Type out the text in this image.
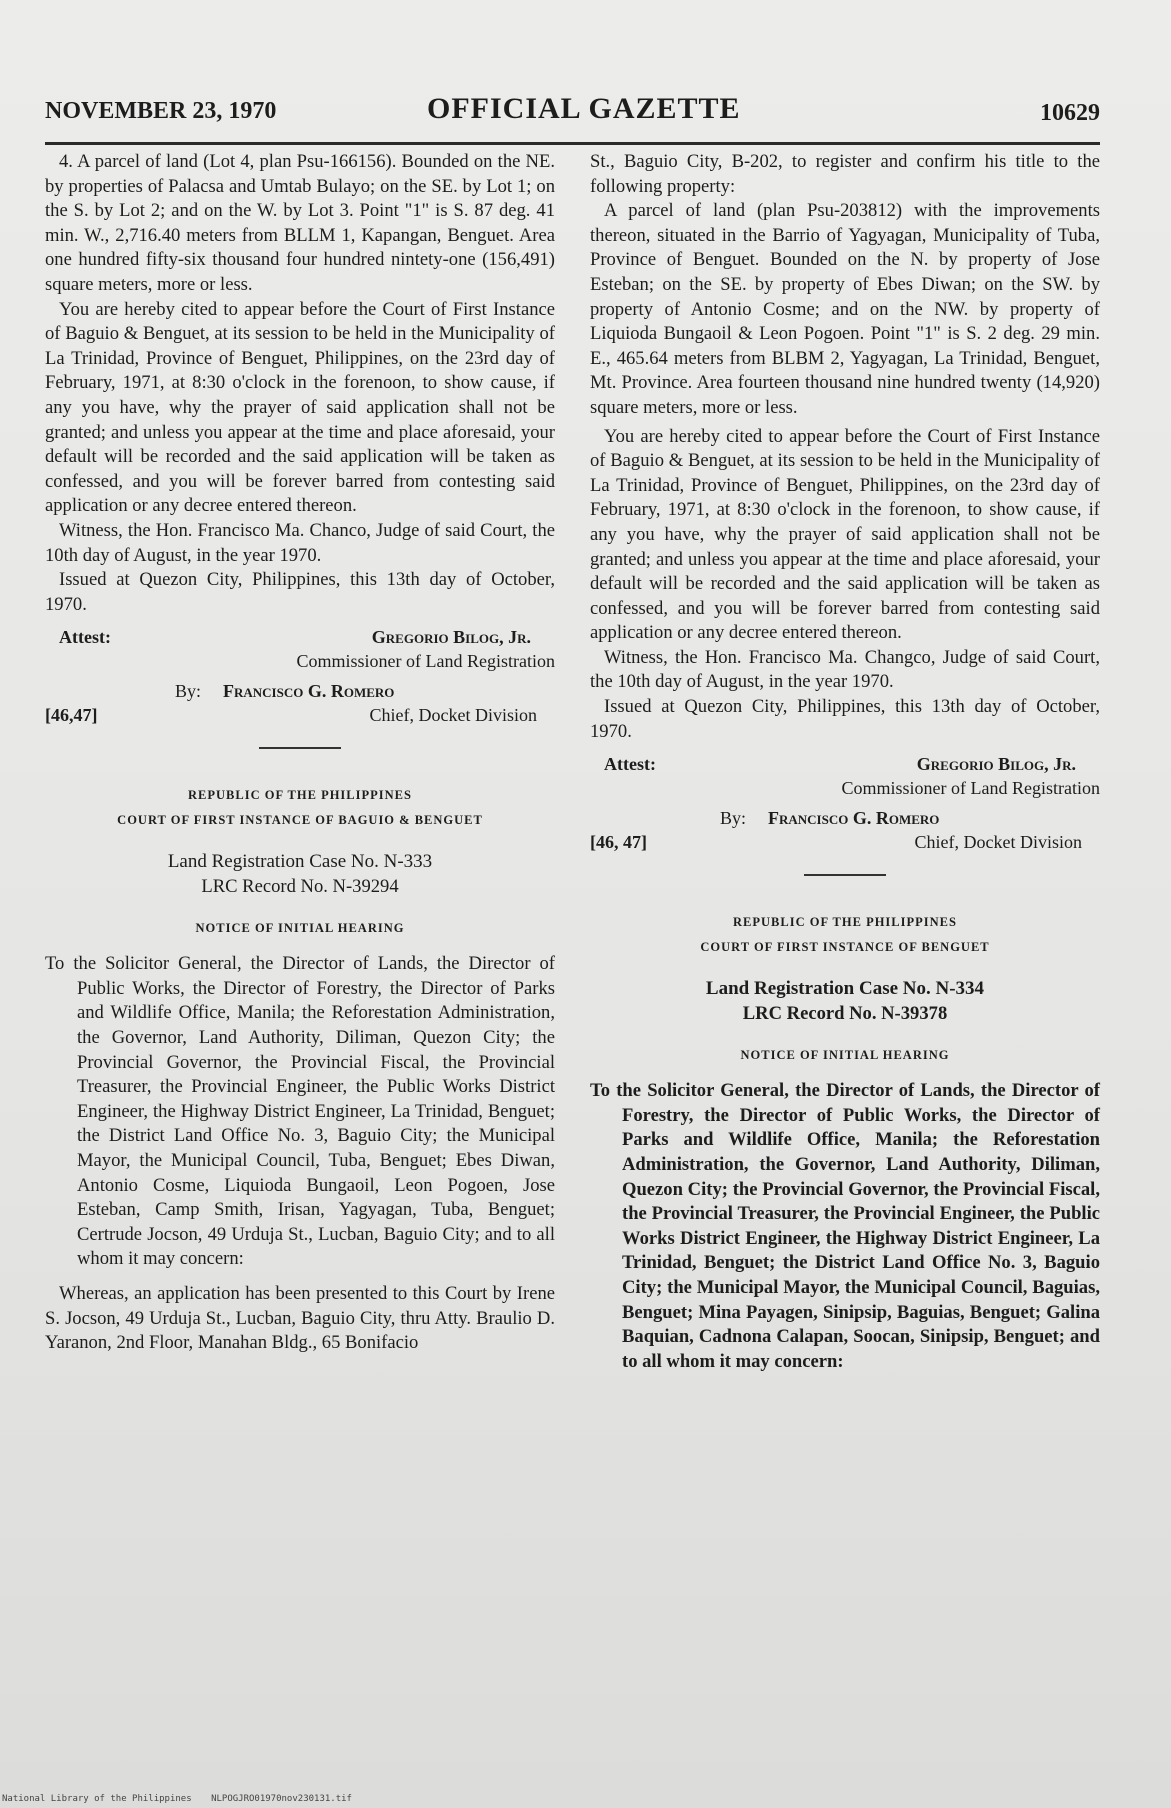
NOVEMBER 23, 1970	OFFICIAL GAZETTE	10629

4. A parcel of land (Lot 4, plan Psu-166156). Bounded on the NE. by properties of Palacsa and Umtab Bulayo; on the SE. by Lot 1; on the S. by Lot 2; and on the W. by Lot 3. Point "1" is S. 87 deg. 41 min. W., 2,716.40 meters from BLLM 1, Kapangan, Benguet. Area one hundred fifty-six thousand four hundred nintety-one (156,491) square meters, more or less.

You are hereby cited to appear before the Court of First Instance of Baguio & Benguet, at its session to be held in the Municipality of La Trinidad, Province of Benguet, Philippines, on the 23rd day of February, 1971, at 8:30 o'clock in the forenoon, to show cause, if any you have, why the prayer of said application shall not be granted; and unless you appear at the time and place aforesaid, your default will be recorded and the said application will be taken as confessed, and you will be forever barred from contesting said application or any decree entered thereon.

Witness, the Hon. Francisco Ma. Chanco, Judge of said Court, the 10th day of August, in the year 1970.

Issued at Quezon City, Philippines, this 13th day of October, 1970.

Attest:	Gregorio Bilog, Jr.
Commissioner of Land Registration
By: Francisco G. Romero
[46,47]	Chief, Docket Division

REPUBLIC OF THE PHILIPPINES

COURT OF FIRST INSTANCE OF BAGUIO & BENGUET

Land Registration Case No. N-333

LRC Record No. N-39294

NOTICE OF INITIAL HEARING

To the Solicitor General, the Director of Lands, the Director of Public Works, the Director of Forestry, the Director of Parks and Wildlife Office, Manila; the Reforestation Administration, the Governor, Land Authority, Diliman, Quezon City; the Provincial Governor, the Provincial Fiscal, the Provincial Treasurer, the Provincial Engineer, the Public Works District Engineer, the Highway District Engineer, La Trinidad, Benguet; the District Land Office No. 3, Baguio City; the Municipal Mayor, the Municipal Council, Tuba, Benguet; Ebes Diwan, Antonio Cosme, Liquioda Bungaoil, Leon Pogoen, Jose Esteban, Camp Smith, Irisan, Yagyagan, Tuba, Benguet; Certrude Jocson, 49 Urduja St., Lucban, Baguio City; and to all whom it may concern:

Whereas, an application has been presented to this Court by Irene S. Jocson, 49 Urduja St., Lucban, Baguio City, thru Atty. Braulio D. Yaranon, 2nd Floor, Manahan Bldg., 65 Bonifacio

St., Baguio City, B-202, to register and confirm his title to the following property:

A parcel of land (plan Psu-203812) with the improvements thereon, situated in the Barrio of Yagyagan, Municipality of Tuba, Province of Benguet. Bounded on the N. by property of Jose Esteban; on the SE. by property of Ebes Diwan; on the SW. by property of Antonio Cosme; and on the NW. by property of Liquioda Bungaoil & Leon Pogoen. Point "1" is S. 2 deg. 29 min. E., 465.64 meters from BLBM 2, Yagyagan, La Trinidad, Benguet, Mt. Province. Area fourteen thousand nine hundred twenty (14,920) square meters, more or less.

You are hereby cited to appear before the Court of First Instance of Baguio & Benguet, at its session to be held in the Municipality of La Trinidad, Province of Benguet, Philippines, on the 23rd day of February, 1971, at 8:30 o'clock in the forenoon, to show cause, if any you have, why the prayer of said application shall not be granted; and unless you appear at the time and place aforesaid, your default will be recorded and the said application will be taken as confessed, and you will be forever barred from contesting said application or any decree entered thereon.

Witness, the Hon. Francisco Ma. Changco, Judge of said Court, the 10th day of August, in the year 1970.

Issued at Quezon City, Philippines, this 13th day of October, 1970.

Attest:	Gregorio Bilog, Jr.
Commissioner of Land Registration
By: Francisco G. Romero
[46, 47]	Chief, Docket Division

REPUBLIC OF THE PHILIPPINES

COURT OF FIRST INSTANCE OF BENGUET

Land Registration Case No. N-334

LRC Record No. N-39378

NOTICE OF INITIAL HEARING

To the Solicitor General, the Director of Lands, the Director of Forestry, the Director of Public Works, the Director of Parks and Wildlife Office, Manila; the Reforestation Administration, the Governor, Land Authority, Diliman, Quezon City; the Provincial Governor, the Provincial Fiscal, the Provincial Treasurer, the Provincial Engineer, the Public Works District Engineer, the Highway District Engineer, La Trinidad, Benguet; the District Land Office No. 3, Baguio City; the Municipal Mayor, the Municipal Council, Baguias, Benguet; Mina Payagen, Sinipsip, Baguias, Benguet; Galina Baquian, Cadnona Calapan, Soocan, Sinipsip, Benguet; and to all whom it may concern:

National Library of the Philippines NLPOGJRO01970nov230131.tif
